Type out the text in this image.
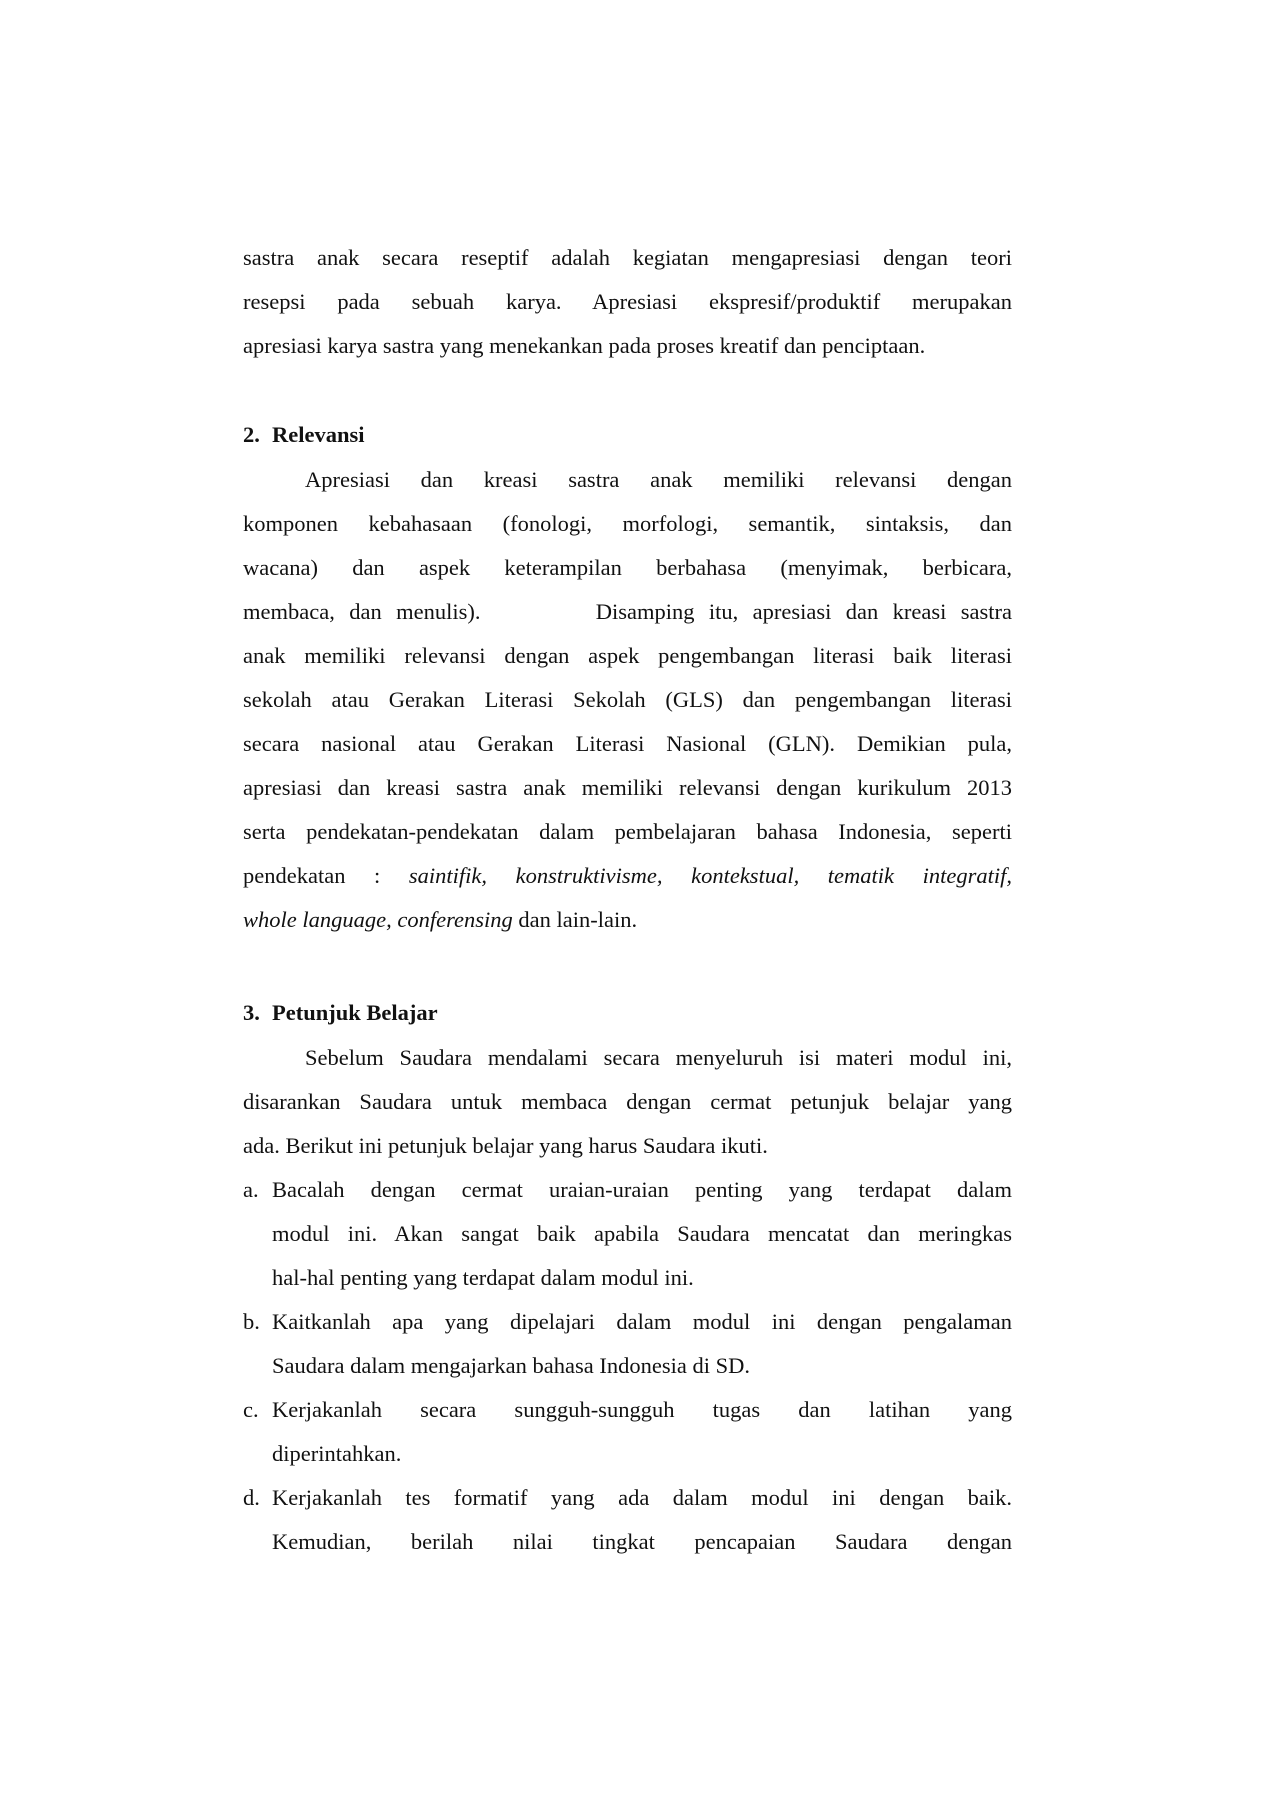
sastra anak secara reseptif adalah kegiatan mengapresiasi dengan teori
resepsi pada sebuah karya. Apresiasi ekspresif/produktif merupakan
apresiasi karya sastra yang menekankan pada proses kreatif dan penciptaan.
2. Relevansi
Apresiasi dan kreasi sastra anak memiliki relevansi dengan
komponen kebahasaan (fonologi, morfologi, semantik, sintaksis, dan
wacana) dan aspek keterampilan berbahasa (menyimak, berbicara,
membaca, dan menulis).        Disamping itu, apresiasi dan kreasi sastra
anak memiliki relevansi dengan aspek pengembangan literasi baik literasi
sekolah atau Gerakan Literasi Sekolah (GLS) dan pengembangan literasi
secara nasional atau Gerakan Literasi Nasional (GLN). Demikian pula,
apresiasi dan kreasi sastra anak memiliki relevansi dengan kurikulum 2013
serta pendekatan-pendekatan dalam pembelajaran bahasa Indonesia, seperti
pendekatan : saintifik, konstruktivisme, kontekstual, tematik integratif,
whole language, conferensing dan lain-lain.
3. Petunjuk Belajar
Sebelum Saudara mendalami secara menyeluruh isi materi modul ini,
disarankan Saudara untuk membaca dengan cermat petunjuk belajar yang
ada. Berikut ini petunjuk belajar yang harus Saudara ikuti.
a. Bacalah dengan cermat uraian-uraian penting yang terdapat dalam
modul ini. Akan sangat baik apabila Saudara mencatat dan meringkas
hal-hal penting yang terdapat dalam modul ini.
b. Kaitkanlah apa yang dipelajari dalam modul ini dengan pengalaman
Saudara dalam mengajarkan bahasa Indonesia di SD.
c. Kerjakanlah secara sungguh-sungguh tugas dan latihan yang
diperintahkan.
d. Kerjakanlah tes formatif yang ada dalam modul ini dengan baik.
Kemudian, berilah nilai tingkat pencapaian Saudara dengan
